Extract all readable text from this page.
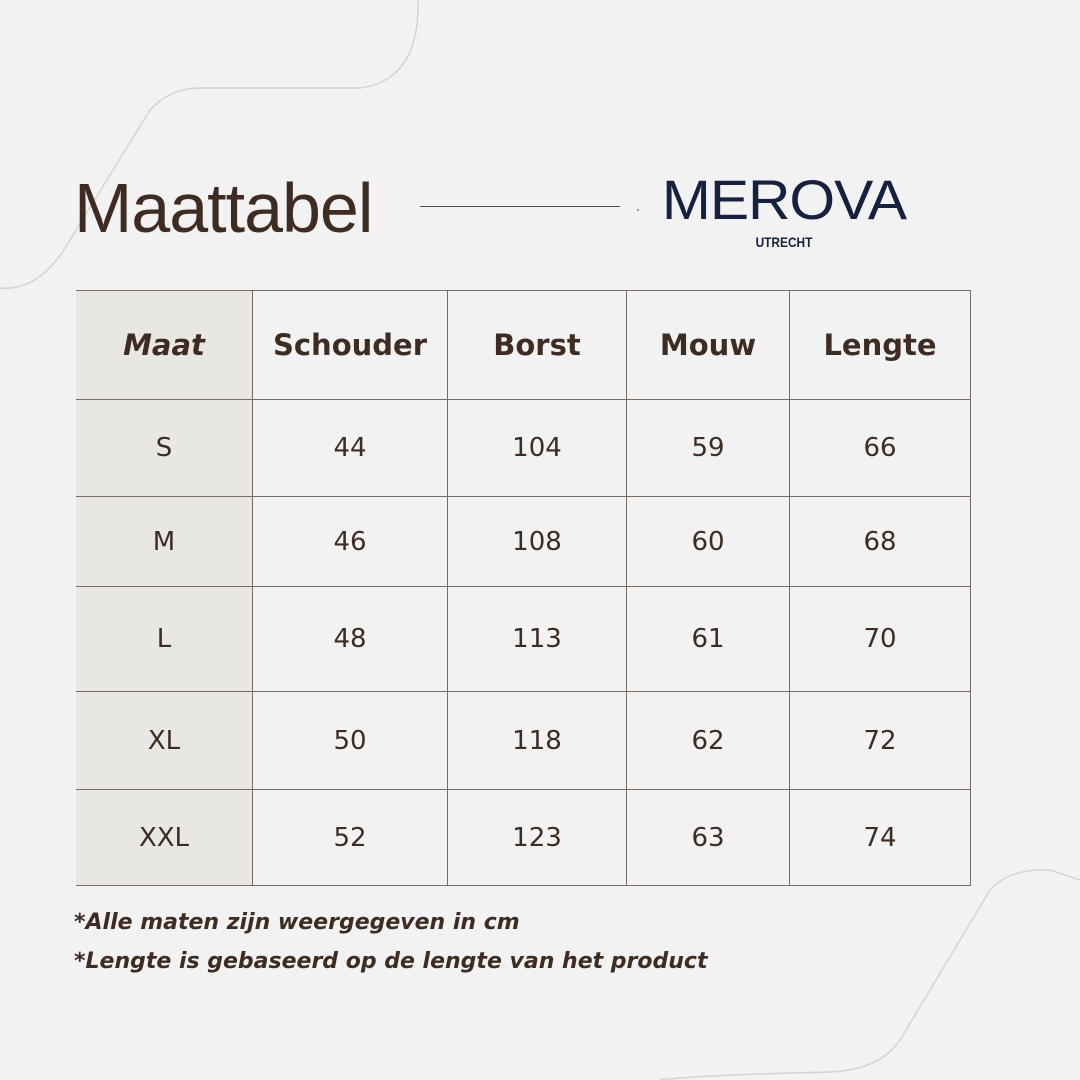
Maattabel	MEROVA
UTRECHT
Maat	Schouder	Borst	Mouw	Lengte
S	44	104	59	66
M	46	108	60	68
L	48	113	61	70
XL	50	118	62	72
XXL	52	123	63	74
*Alle maten zijn weergegeven in cm
*Lengte is gebaseerd op de lengte van het product
